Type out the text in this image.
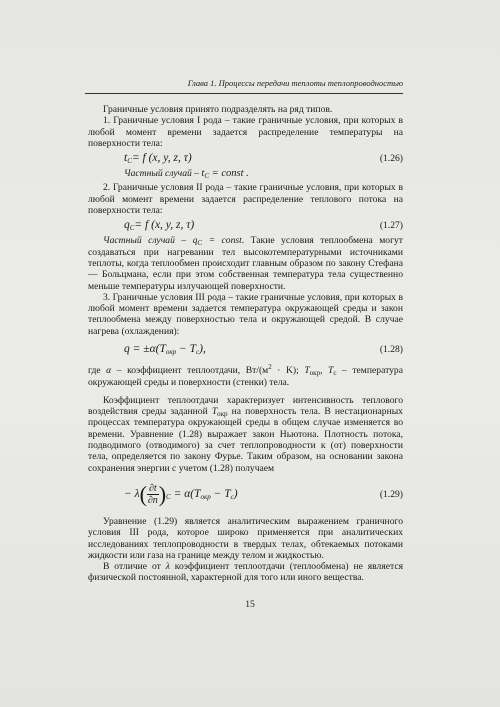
Глава 1. Процессы передачи теплоты теплопроводностью

Граничные условия принято подразделять на ряд типов.

1. Граничные условия I рода – такие граничные условия, при которых в любой момент времени задается распределение температуры на поверхности тела:

$t_C= f$ (x, y, z, τ)	(1.26)
Частный случай – $t_C$ = const .

2. Граничные условия II рода – такие граничные условия, при которых в любой момент времени задается распределение теплового потока на поверхности тела:

$q_C= f$ (x, y, z, τ)	(1.27)

Частный случай – $q_C$ = const. Такие условия теплообмена могут создаваться при нагревании тел высокотемпературными источниками теплоты, когда теплообмен происходит главным образом по закону Стефана — Больцмана, если при этом собственная температура тела существенно меньше температуры излучающей поверхности.

3. Граничные условия III рода – такие граничные условия, при которых в любой момент времени задается температура окружающей среды и закон теплообмена между поверхностью тела и окружающей средой. В случае нагрева (охлаждения):

$q = \pm\alpha(T_{окр} - T_c)$,	(1.28)

где α – коэффициент теплоотдачи, $Вт/(м^2 \cdot K)$; $T_{окр}$, $T_c$ – температура окружающей среды и поверхности (стенки) тела.

Коэффициент теплоотдачи характеризует интенсивность теплового воздействия среды заданной $T_{окр}$ на поверхность тела. В нестационарных процессах температура окружающей среды в общем случае изменяется во времени. Уравнение (1.28) выражает закон Ньютона. Плотность потока, подводимого (отводимого) за счет теплопроводности к (от) поверхности тела, определяется по закону Фурье. Таким образом, на основании закона сохранения энергии с учетом (1.28) получаем

− $\lambda( \frac{\partial t}{\partial n} )_C = \alpha(T_{окр} - T_c)$	(1.29)

Уравнение (1.29) является аналитическим выражением граничного условия III рода, которое широко применяется при аналитических исследованиях теплопроводности в твердых телах, обтекаемых потоками жидкости или газа на границе между телом и жидкостью.

В отличие от λ коэффициент теплоотдачи (теплообмена) не является физической постоянной, характерной для того или иного вещества.

15
